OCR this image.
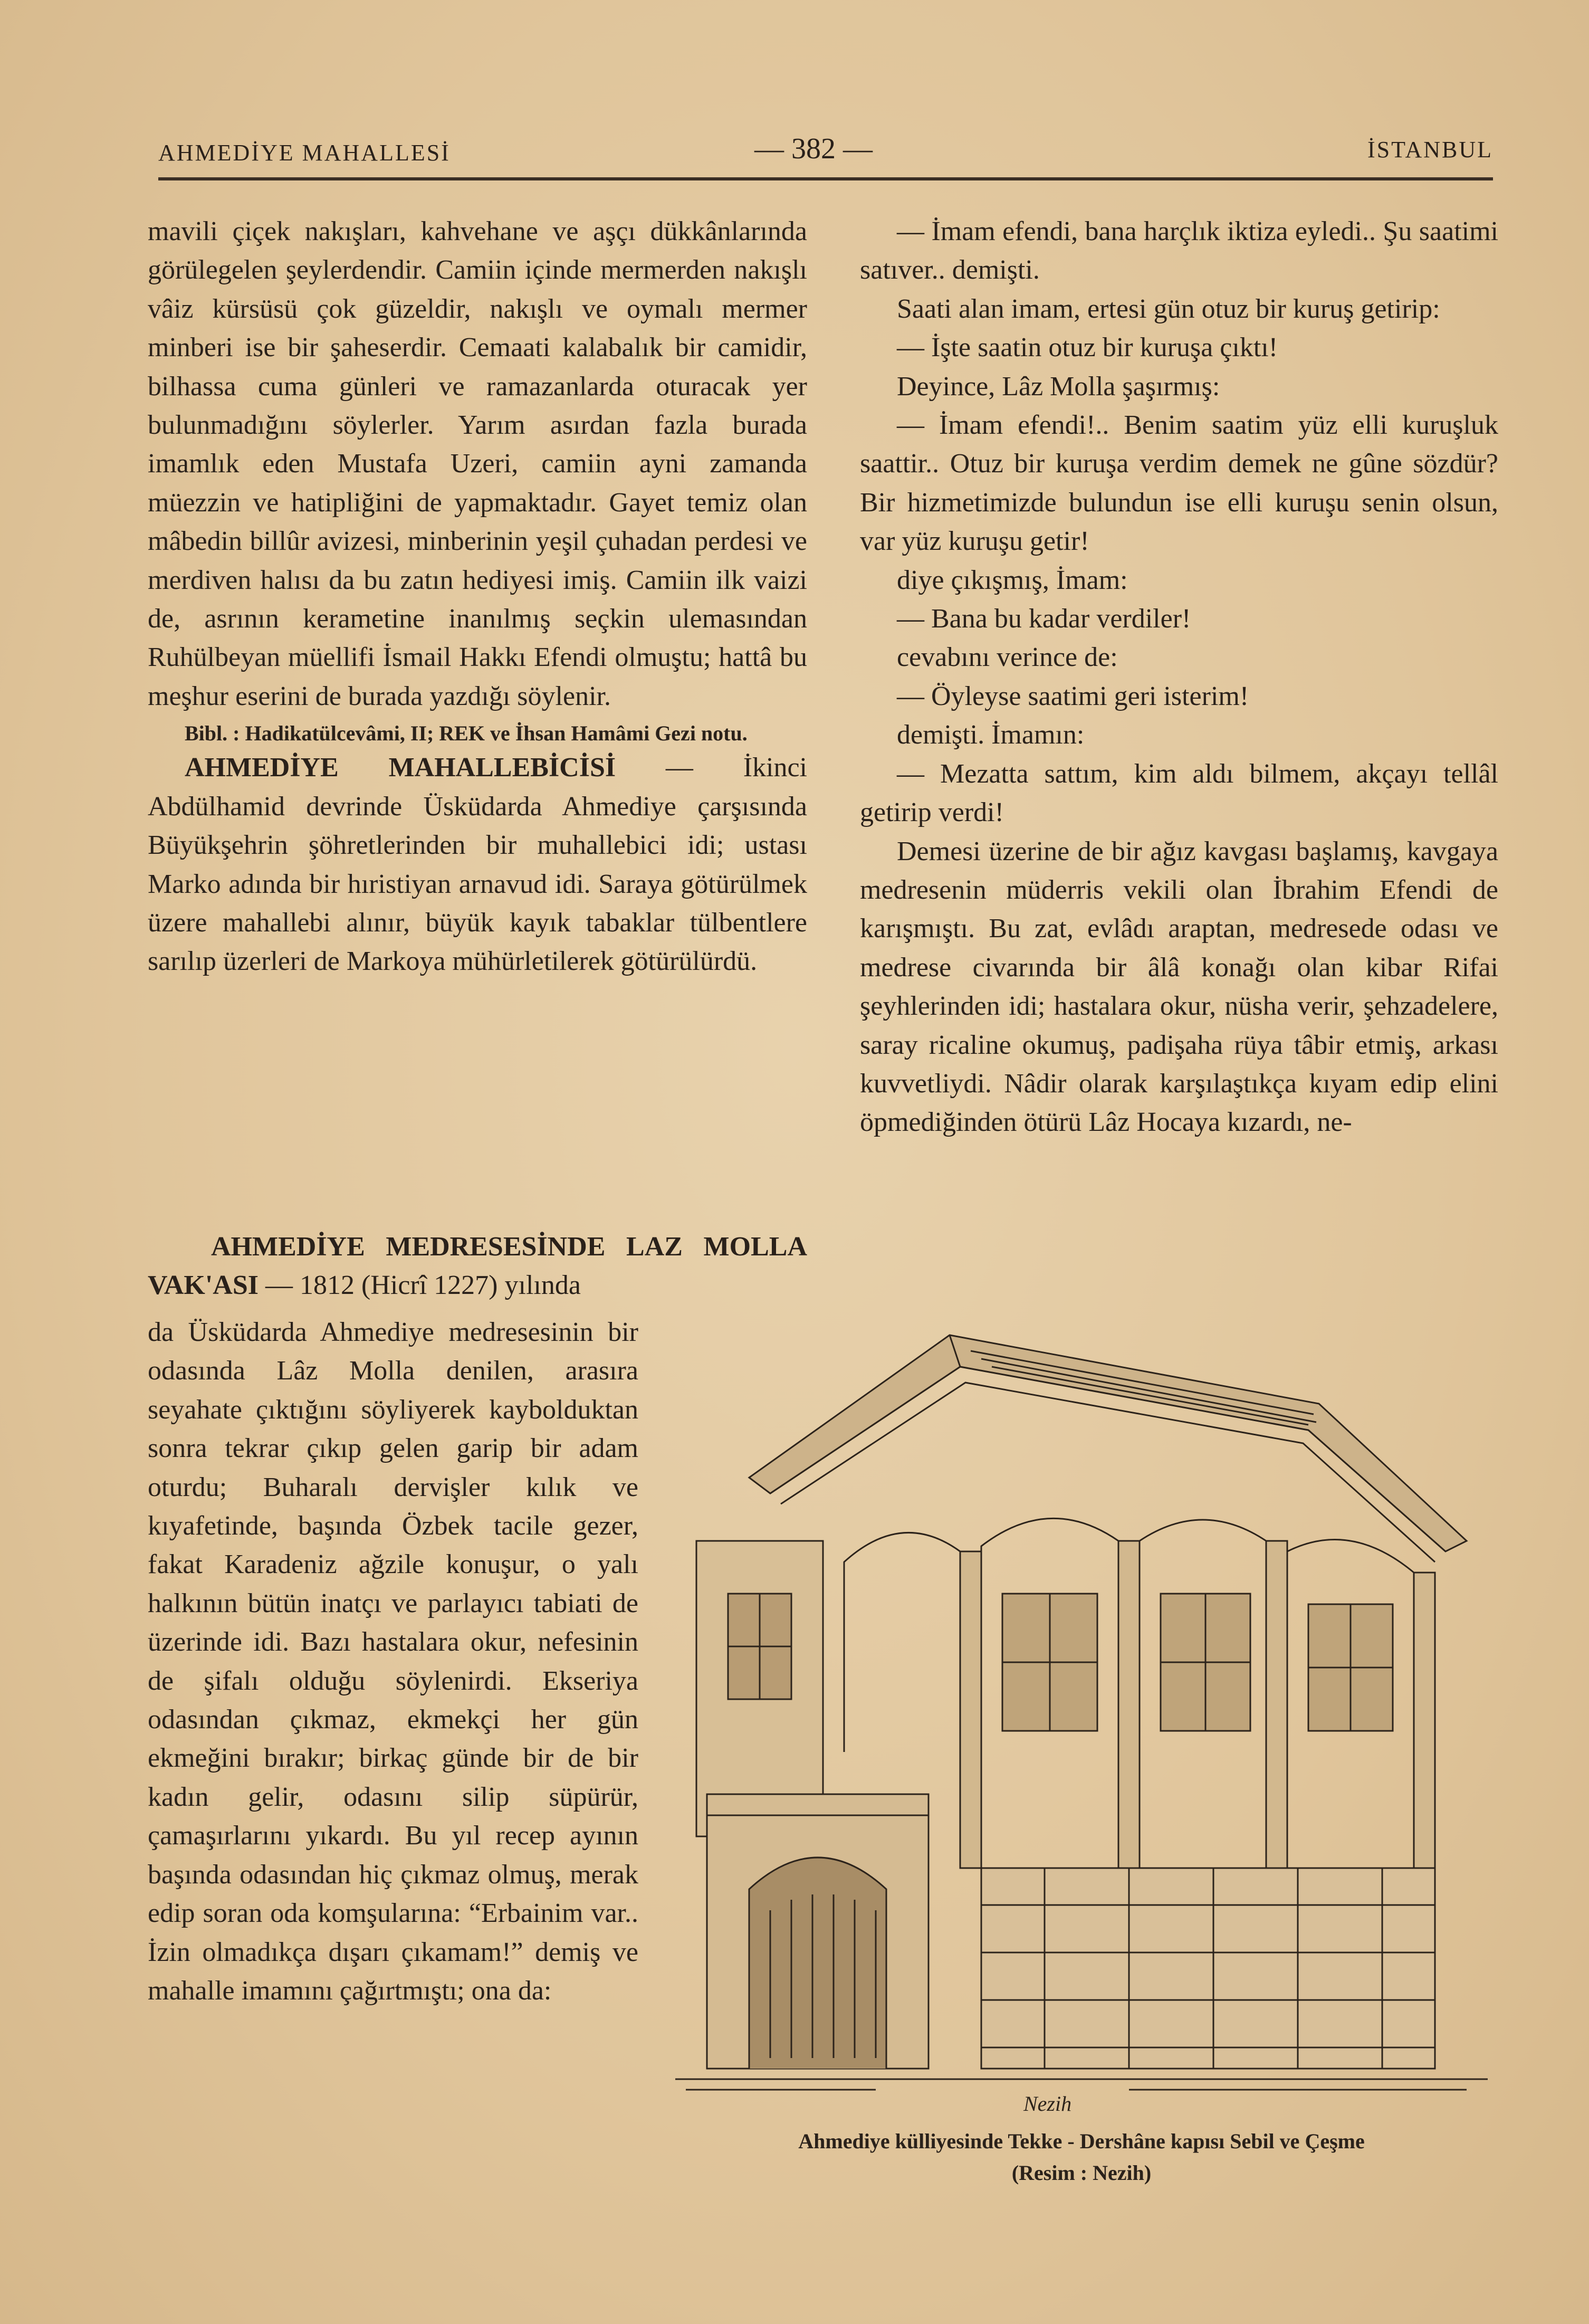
AHMEDİYE MAHALLESİ	— 382 —	İSTANBUL

mavili çiçek nakışları, kahvehane ve aşçı dükkânlarında görülegelen şeylerdendir. Camiin içinde mermerden nakışlı vâiz kürsüsü çok güzeldir, nakışlı ve oymalı mermer minberi ise bir şaheserdir. Cemaati kalabalık bir camidir, bilhassa cuma günleri ve ramazanlarda oturacak yer bulunmadığını söylerler. Yarım asırdan fazla burada imamlık eden Mustafa Uzeri, camiin ayni zamanda müezzin ve hatipliğini de yapmaktadır. Gayet temiz olan mâbedin billûr avizesi, minberinin yeşil çuhadan perdesi ve merdiven halısı da bu zatın hediyesi imiş. Camiin ilk vaizi de, asrının kerametine inanılmış seçkin ulemasından Ruhülbeyan müellifi İsmail Hakkı Efendi olmuştu; hattâ bu meşhur eserini de burada yazdığı söylenir.

Bibl. : Hadikatülcevâmi, II; REK ve İhsan Hamâmi Gezi notu.

AHMEDİYE MAHALLEBİCİSİ — İkinci Abdülhamid devrinde Üsküdarda Ahmediye çarşısında Büyükşehrin şöhretlerinden bir muhallebici idi; ustası Marko adında bir hıristiyan arnavud idi. Saraya götürülmek üzere mahallebi alınır, büyük kayık tabaklar tülbentlere sarılıp üzerleri de Markoya mühürletilerek götürülürdü.

AHMEDİYE MEDRESESİNDE LAZ MOLLA VAK'ASI — 1812 (Hicrî 1227) yılında

da Üsküdarda Ahmediye medresesinin bir odasında Lâz Molla denilen, arasıra seyahate çıktığını söyliyerek kaybolduktan sonra tekrar çıkıp gelen garip bir adam oturdu; Buharalı dervişler kılık ve kıyafetinde, başında Özbek tacile gezer, fakat Karadeniz ağzile konuşur, o yalı halkının bütün inatçı ve parlayıcı tabiati de üzerinde idi. Bazı hastalara okur, nefesinin de şifalı olduğu söylenirdi. Ekseriya odasından çıkmaz, ekmekçi her gün ekmeğini bırakır; birkaç günde bir de bir kadın gelir, odasını silip süpürür, çamaşırlarını yıkardı. Bu yıl recep ayının başında odasından hiç çıkmaz olmuş, merak edip soran oda komşularına: “Erbainim var.. İzin olmadıkça dışarı çıkamam!” demiş ve mahalle imamını çağırtmıştı; ona da:

— İmam efendi, bana harçlık iktiza eyledi.. Şu saatimi satıver.. demişti.

Saati alan imam, ertesi gün otuz bir kuruş getirip:

— İşte saatin otuz bir kuruşa çıktı!

Deyince, Lâz Molla şaşırmış:

— İmam efendi!.. Benim saatim yüz elli kuruşluk saattir.. Otuz bir kuruşa verdim demek ne gûne sözdür? Bir hizmetimizde bulundun ise elli kuruşu senin olsun, var yüz kuruşu getir!

diye çıkışmış, İmam:

— Bana bu kadar verdiler!

cevabını verince de:

— Öyleyse saatimi geri isterim!

demişti. İmamın:

— Mezatta sattım, kim aldı bilmem, akçayı tellâl getirip verdi!

Demesi üzerine de bir ağız kavgası başlamış, kavgaya medresenin müderris vekili olan İbrahim Efendi de karışmıştı. Bu zat, evlâdı araptan, medresede odası ve medrese civarında bir âlâ konağı olan kibar Rifai şeyhlerinden idi; hastalara okur, nüsha verir, şehzadelere, saray ricaline okumuş, padişaha rüya tâbir etmiş, arkası kuvvetliydi. Nâdir olarak karşılaştıkça kıyam edip elini öpmediğinden ötürü Lâz Hocaya kızardı, ne-

Nezih
Ahmediye külliyesinde Tekke - Dershâne kapısı Sebil ve Çeşme
(Resim : Nezih)
